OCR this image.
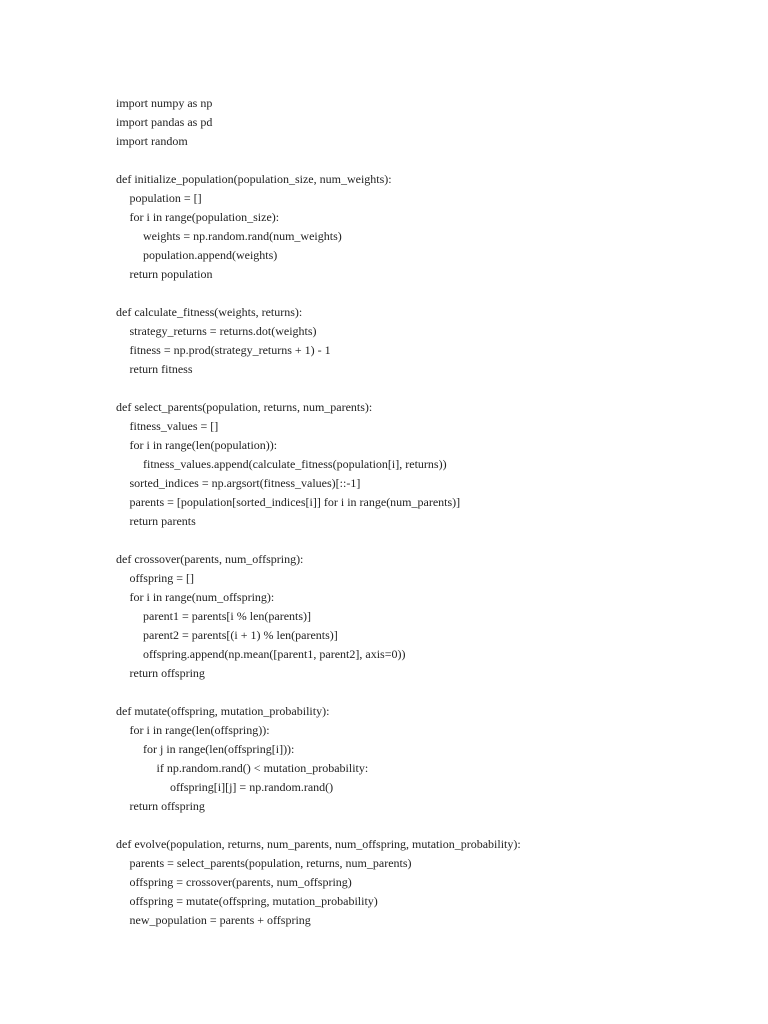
import numpy as np
import pandas as pd
import random
def initialize_population(population_size, num_weights):
population = []
for i in range(population_size):
weights = np.random.rand(num_weights)
population.append(weights)
return population
def calculate_fitness(weights, returns):
strategy_returns = returns.dot(weights)
fitness = np.prod(strategy_returns + 1) - 1
return fitness
def select_parents(population, returns, num_parents):
fitness_values = []
for i in range(len(population)):
fitness_values.append(calculate_fitness(population[i], returns))
sorted_indices = np.argsort(fitness_values)[::-1]
parents = [population[sorted_indices[i]] for i in range(num_parents)]
return parents
def crossover(parents, num_offspring):
offspring = []
for i in range(num_offspring):
parent1 = parents[i % len(parents)]
parent2 = parents[(i + 1) % len(parents)]
offspring.append(np.mean([parent1, parent2], axis=0))
return offspring
def mutate(offspring, mutation_probability):
for i in range(len(offspring)):
for j in range(len(offspring[i])):
if np.random.rand() < mutation_probability:
offspring[i][j] = np.random.rand()
return offspring
def evolve(population, returns, num_parents, num_offspring, mutation_probability):
parents = select_parents(population, returns, num_parents)
offspring = crossover(parents, num_offspring)
offspring = mutate(offspring, mutation_probability)
new_population = parents + offspring
